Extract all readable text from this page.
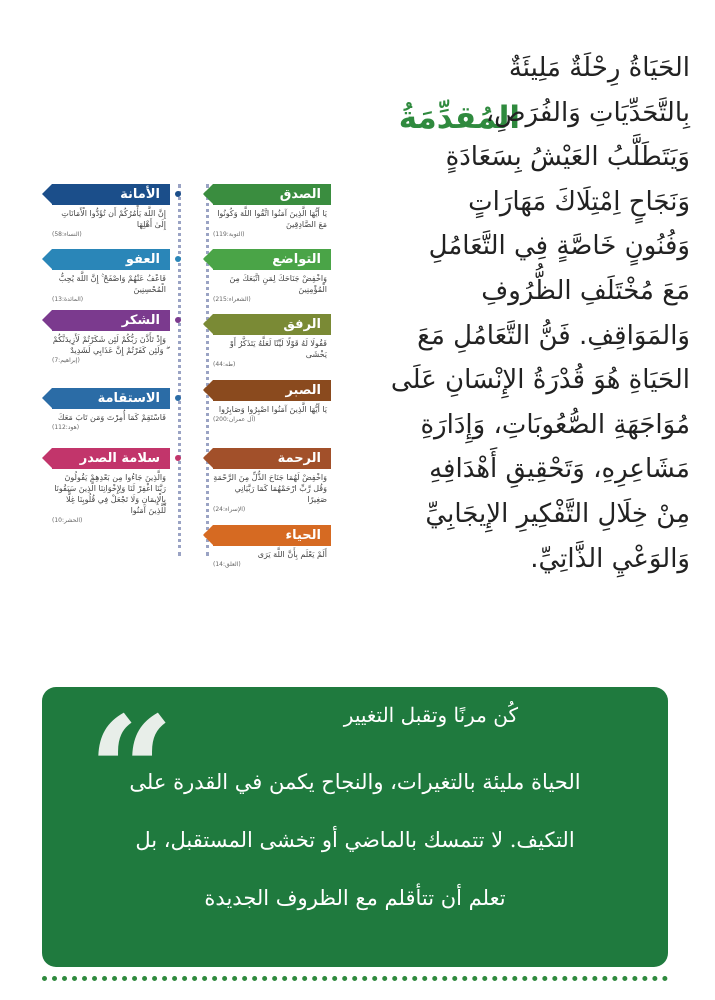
المُقدِّمَةُ

الحَيَاةُ رِحْلَةٌ مَلِيئَةٌ
بِالتَّحَدِّيَاتِ وَالفُرَصِ،
وَيَتَطَلَّبُ العَيْشُ بِسَعَادَةٍ
وَنَجَاحٍ اِمْتِلَاكَ مَهَارَاتٍ
وَفُنُونٍ خَاصَّةٍ فِي التَّعَامُلِ
مَعَ مُخْتَلَفِ الظُّرُوفِ
وَالمَوَاقِفِ. فَنُّ التَّعَامُلِ مَعَ
الحَيَاةِ هُوَ قُدْرَةُ الإِنْسَانِ عَلَى
مُوَاجَهَةِ الصُّعُوبَاتِ، وَإِدَارَةِ
مَشَاعِرِهِ، وَتَحْقِيقِ أَهْدَافِهِ
مِنْ خِلَالِ التَّفْكِيرِ الإِيجَابِيِّ
وَالوَعْيِ الذَّاتِيِّ.

الصدق
يَا أَيُّهَا الَّذِينَ آمَنُوا اتَّقُوا اللَّهَ وَكُونُوا مَعَ الصَّادِقِينَ
(التوبة:119)
التواضع
وَاخْفِضْ جَنَاحَكَ لِمَنِ اتَّبَعَكَ مِنَ الْمُؤْمِنِينَ
(الشعراء:215)
الرفق
فَقُولَا لَهُ قَوْلًا لَيِّنًا لَعَلَّهُ يَتَذَكَّرُ أَوْ يَخْشَى
(طه:44)
الصبر
يَا أَيُّهَا الَّذِينَ آمَنُوا اصْبِرُوا وَصَابِرُوا
(آل عمران:200)
الرحمة
وَاخْفِضْ لَهُمَا جَنَاحَ الذُّلِّ مِنَ الرَّحْمَةِ وَقُل رَّبِّ ارْحَمْهُمَا كَمَا رَبَّيَانِي صَغِيرًا
(الإسراء:24)
الحياء
أَلَمْ يَعْلَم بِأَنَّ اللَّهَ يَرَى
(العلق:14)
الأمانة
إِنَّ اللَّهَ يَأْمُرُكُمْ أَن تُؤَدُّوا الْأَمَانَاتِ إِلَىٰ أَهْلِهَا
(النساء:58)
العفو
فَاعْفُ عَنْهُمْ وَاصْفَحْ ۚ إِنَّ اللَّهَ يُحِبُّ الْمُحْسِنِينَ
(المائدة:13)
الشكر
وَإِذْ تَأَذَّنَ رَبُّكُمْ لَئِن شَكَرْتُمْ لَأَزِيدَنَّكُمْ ۖ وَلَئِن كَفَرْتُمْ إِنَّ عَذَابِي لَشَدِيدٌ
(إبراهيم:7)
الاستقامة
فَاسْتَقِمْ كَمَا أُمِرْتَ وَمَن تَابَ مَعَكَ
(هود:112)
سلامة الصدر
وَالَّذِينَ جَاءُوا مِن بَعْدِهِمْ يَقُولُونَ رَبَّنَا اغْفِرْ لَنَا وَلِإِخْوَانِنَا الَّذِينَ سَبَقُونَا بِالْإِيمَانِ وَلَا تَجْعَلْ فِي قُلُوبِنَا غِلًّا لِّلَّذِينَ آمَنُوا
(الحشر:10)
“	كُن مرنًا وتقبل التغيير
الحياة مليئة بالتغيرات، والنجاح يكمن في القدرة على
التكيف. لا تتمسك بالماضي أو تخشى المستقبل، بل
تعلم أن تتأقلم مع الظروف الجديدة
